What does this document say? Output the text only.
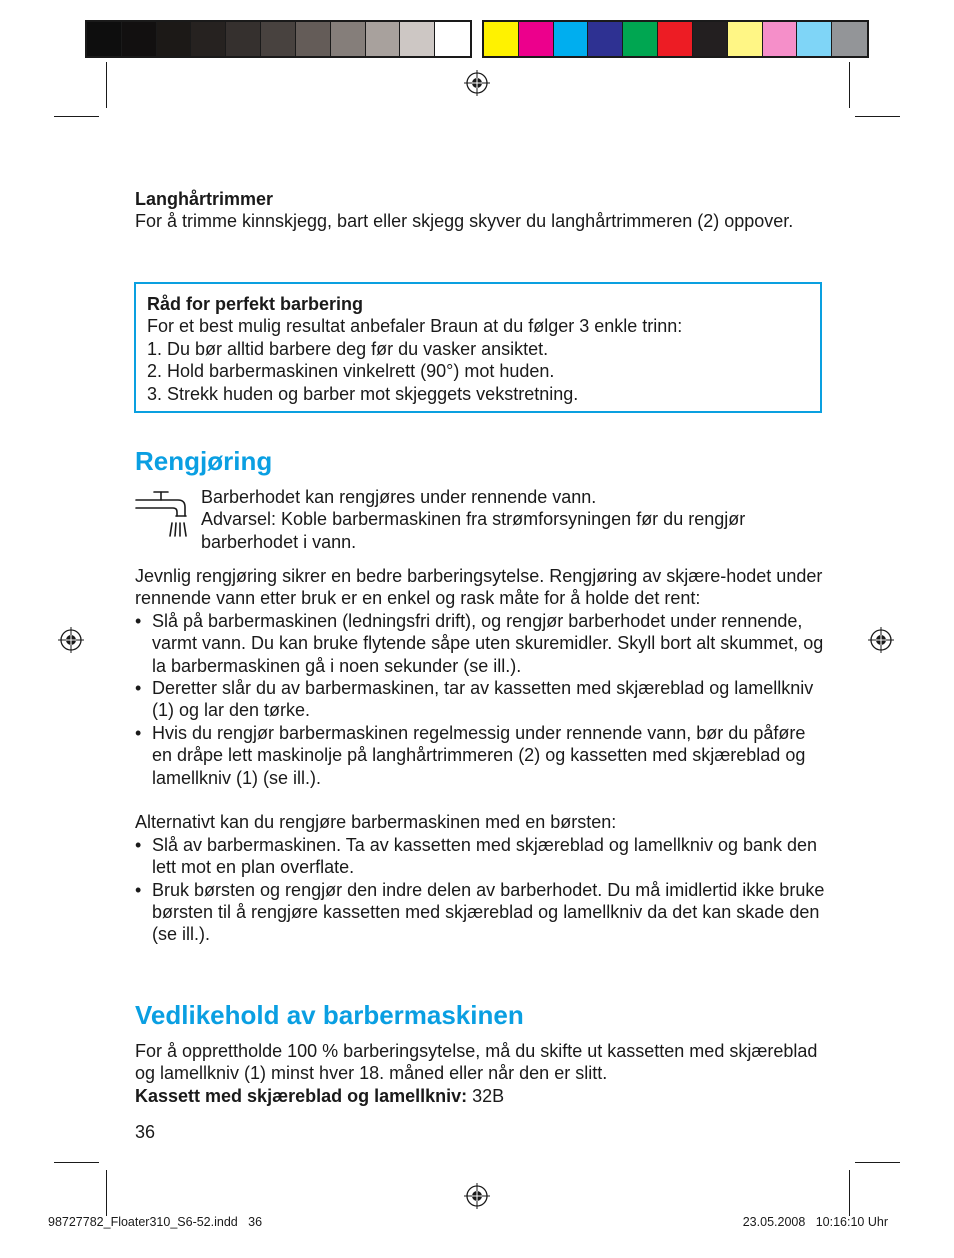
Langhårtrimmer
For å trimme kinnskjegg, bart eller skjegg skyver du langhårtrimmeren (2) oppover.
Råd for perfekt barbering
For et best mulig resultat anbefaler Braun at du følger 3 enkle trinn:
1. Du bør alltid barbere deg før du vasker ansiktet.
2. Hold barbermaskinen vinkelrett (90°) mot huden.
3. Strekk huden og barber mot skjeggets vekstretning.
Rengjøring
Barberhodet kan rengjøres under rennende vann.
Advarsel: Koble barbermaskinen fra strømforsyningen før du rengjør barberhodet i vann.

Jevnlig rengjøring sikrer en bedre barberingsytelse. Rengjøring av skjære-hodet under rennende vann etter bruk er en enkel og rask måte for å holde det rent:

• Slå på barbermaskinen (ledningsfri drift), og rengjør barberhodet under rennende, varmt vann. Du kan bruke flytende såpe uten skuremidler. Skyll bort alt skummet, og la barbermaskinen gå i noen sekunder (se ill.).

• Deretter slår du av barbermaskinen, tar av kassetten med skjæreblad og lamellkniv (1) og lar den tørke.

• Hvis du rengjør barbermaskinen regelmessig under rennende vann, bør du påføre en dråpe lett maskinolje på langhårtrimmeren (2) og kassetten med skjæreblad og lamellkniv (1) (se ill.).

Alternativt kan du rengjøre barbermaskinen med en børsten:

• Slå av barbermaskinen. Ta av kassetten med skjæreblad og lamellkniv og bank den lett mot en plan overflate.

• Bruk børsten og rengjør den indre delen av barberhodet. Du må imidlertid ikke bruke børsten til å rengjøre kassetten med skjæreblad og lamellkniv da det kan skade den (se ill.).

Vedlikehold av barbermaskinen

For å opprettholde 100 % barberingsytelse, må du skifte ut kassetten med skjæreblad og lamellkniv (1) minst hver 18. måned eller når den er slitt.

Kassett med skjæreblad og lamellkniv: 32B

36
98727782_Floater310_S6-52.indd   36	23.05.2008   10:16:10 Uhr
